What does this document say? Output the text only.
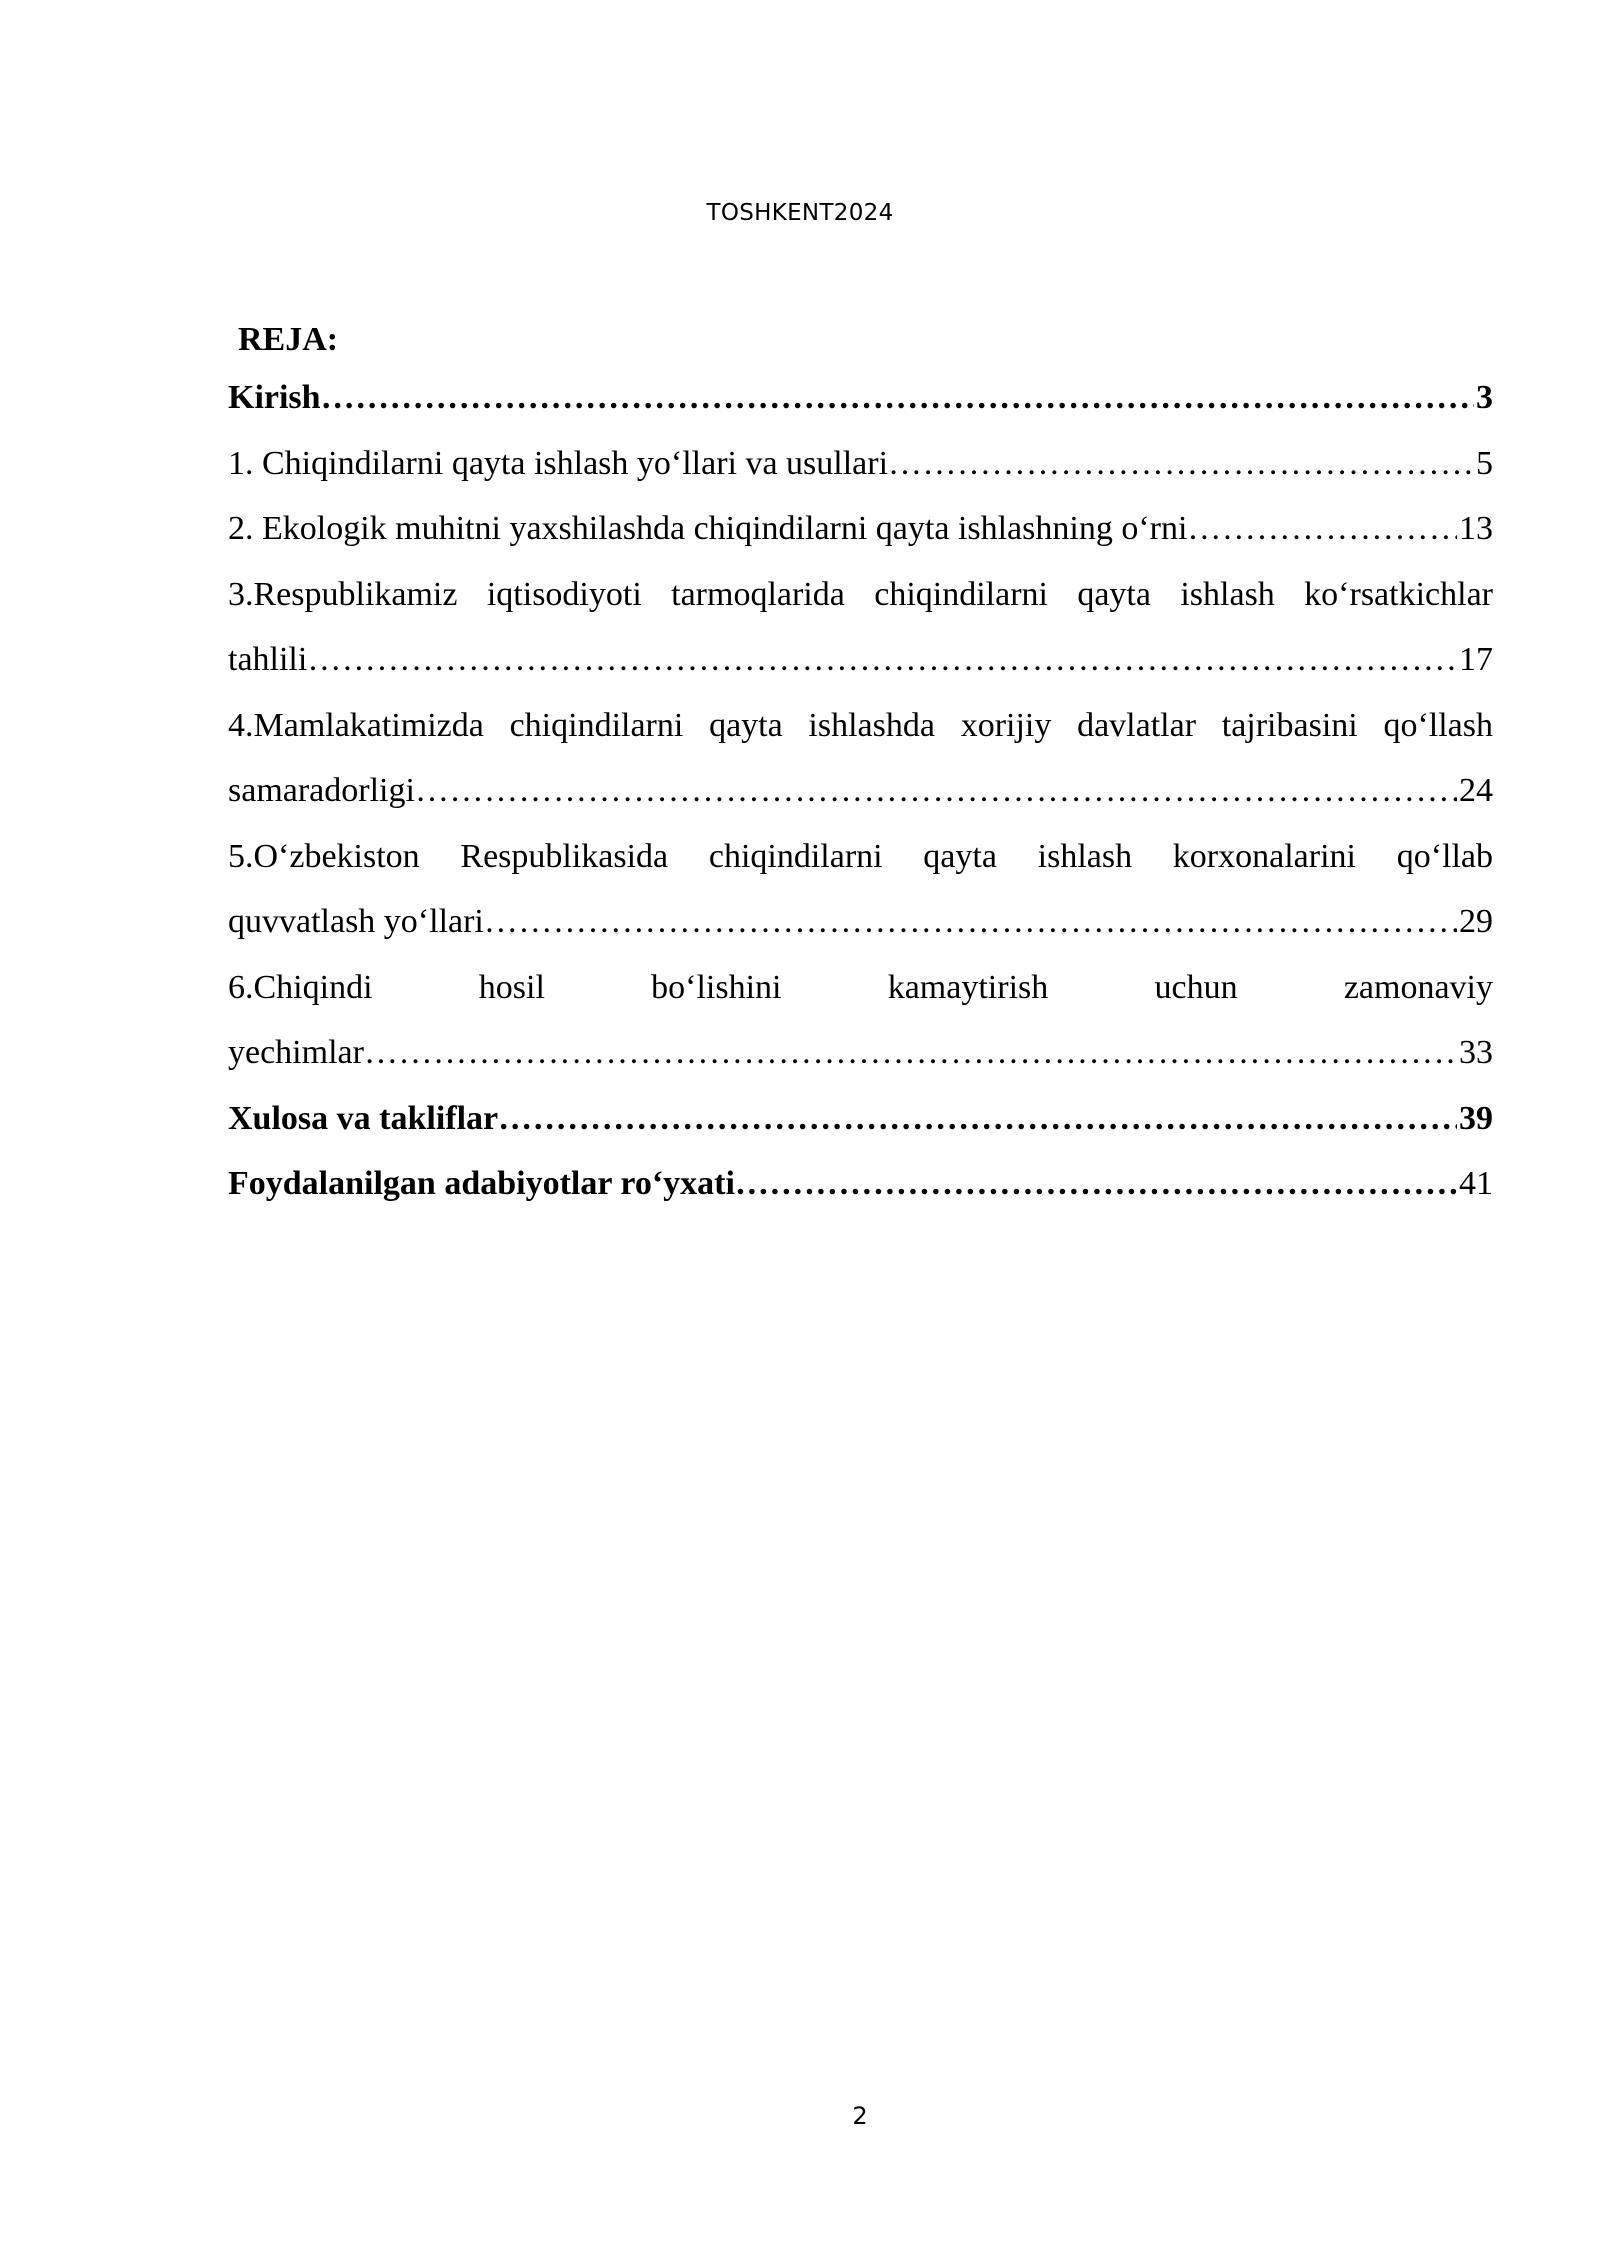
TOSHKENT2024
REJA:
Kirish ……………………………………………………………………………………………………………………………………………………	3
1. Chiqindilarni qayta ishlash yo‘llari va usullari ……………………………………………………………………………………………………………………………………………………	5
2. Ekologik muhitni yaxshilashda chiqindilarni qayta ishlashning o‘rni ……………………………………………………………………………………………………………………………………………………	13
3.Respublikamiz iqtisodiyoti tarmoqlarida chiqindilarni qayta ishlash ko‘rsatkichlar
tahlili ……………………………………………………………………………………………………………………………………………………	17
4.Mamlakatimizda chiqindilarni qayta ishlashda xorijiy davlatlar tajribasini qo‘llash
samaradorligi ……………………………………………………………………………………………………………………………………………………	24
5.O‘zbekiston Respublikasida chiqindilarni qayta ishlash korxonalarini qo‘llab
quvvatlash yo‘llari ……………………………………………………………………………………………………………………………………………………	29
6.Chiqindi hosil bo‘lishini kamaytirish uchun zamonaviy
yechimlar ……………………………………………………………………………………………………………………………………………………	33
Xulosa va takliflar ……………………………………………………………………………………………………………………………………………………	39
Foydalanilgan adabiyotlar ro‘yxati ……………………………………………………………………………………………………………………………………………………	41
2
